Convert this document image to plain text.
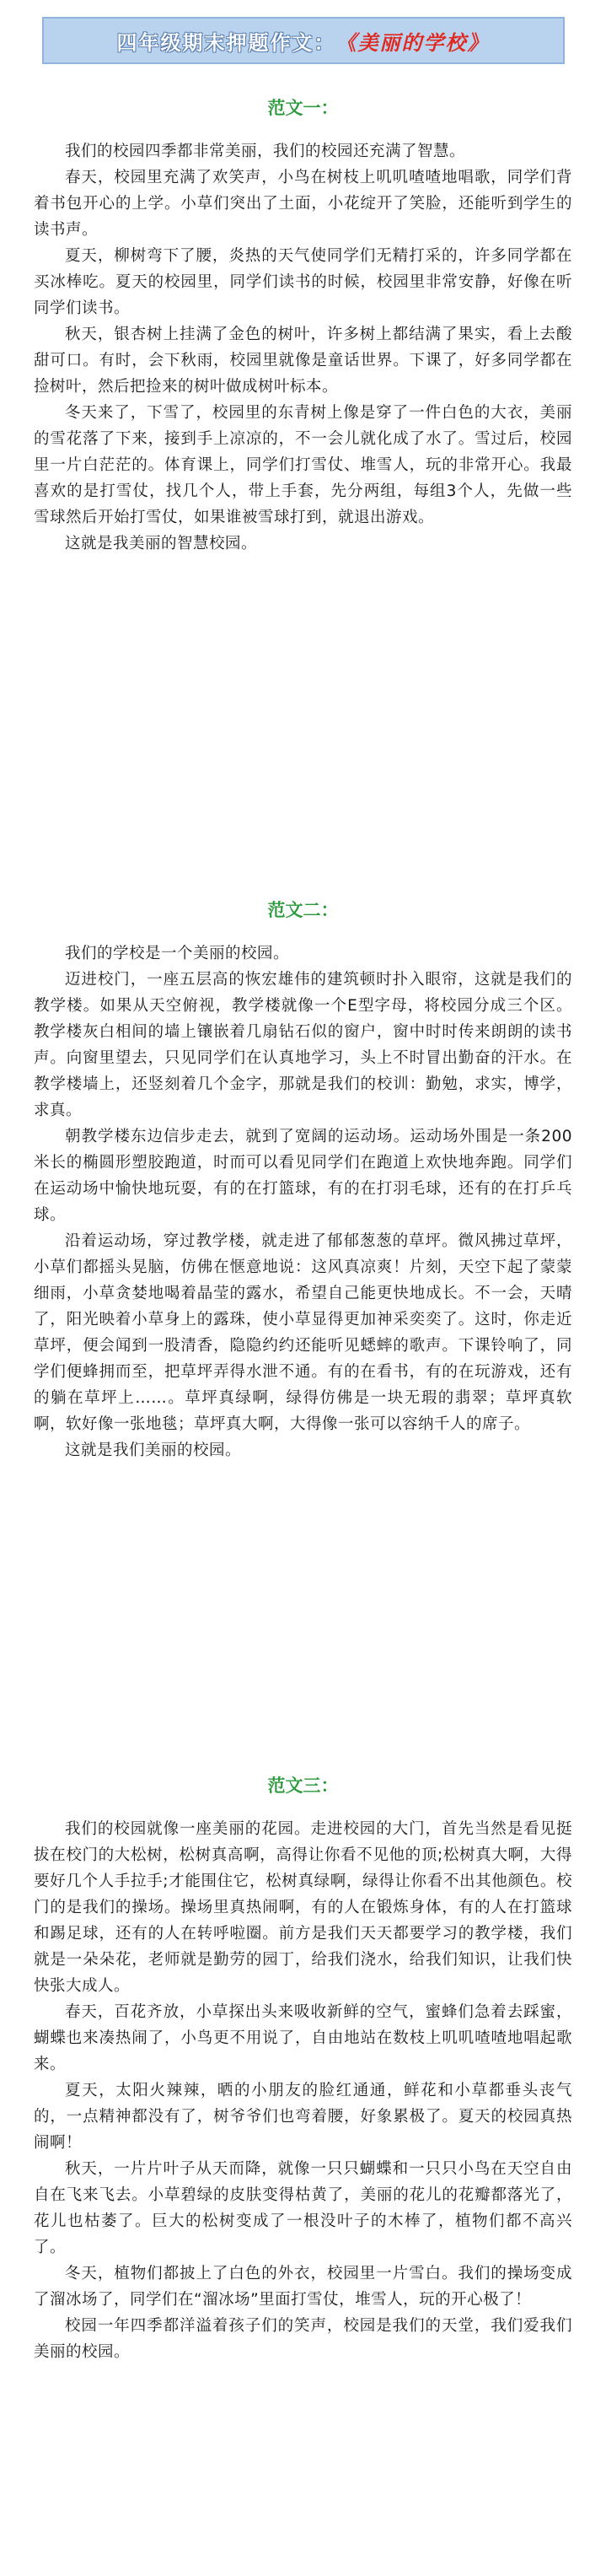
四年级期末押题作文： 《美丽的学校》
范文一：

我们的校园四季都非常美丽，我们的校园还充满了智慧。

春天，校园里充满了欢笑声，小鸟在树枝上叽叽喳喳地唱歌，同学们背着书包开心的上学。小草们突出了土面，小花绽开了笑脸，还能听到学生的读书声。

夏天，柳树弯下了腰，炎热的天气使同学们无精打采的，许多同学都在买冰棒吃。夏天的校园里，同学们读书的时候，校园里非常安静，好像在听同学们读书。

秋天，银杏树上挂满了金色的树叶，许多树上都结满了果实，看上去酸甜可口。有时，会下秋雨，校园里就像是童话世界。下课了，好多同学都在捡树叶，然后把捡来的树叶做成树叶标本。

冬天来了，下雪了，校园里的东青树上像是穿了一件白色的大衣，美丽的雪花落了下来，接到手上凉凉的，不一会儿就化成了水了。雪过后，校园里一片白茫茫的。体育课上，同学们打雪仗、堆雪人，玩的非常开心。我最喜欢的是打雪仗，找几个人，带上手套，先分两组，每组3个人，先做一些雪球然后开始打雪仗，如果谁被雪球打到，就退出游戏。

这就是我美丽的智慧校园。

范文二：

我们的学校是一个美丽的校园。

迈进校门，一座五层高的恢宏雄伟的建筑顿时扑入眼帘，这就是我们的教学楼。如果从天空俯视，教学楼就像一个E型字母，将校园分成三个区。教学楼灰白相间的墙上镶嵌着几扇钻石似的窗户，窗中时时传来朗朗的读书声。向窗里望去，只见同学们在认真地学习，头上不时冒出勤奋的汗水。在教学楼墙上，还竖刻着几个金字，那就是我们的校训：勤勉，求实，博学，求真。

朝教学楼东边信步走去，就到了宽阔的运动场。运动场外围是一条200米长的椭圆形塑胶跑道，时而可以看见同学们在跑道上欢快地奔跑。同学们在运动场中愉快地玩耍，有的在打篮球，有的在打羽毛球，还有的在打乒乓球。

沿着运动场，穿过教学楼，就走进了郁郁葱葱的草坪。微风拂过草坪，小草们都摇头晃脑，仿佛在惬意地说：这风真凉爽！片刻，天空下起了蒙蒙细雨，小草贪婪地喝着晶莹的露水，希望自己能更快地成长。不一会，天晴了，阳光映着小草身上的露珠，使小草显得更加神采奕奕了。这时，你走近草坪，便会闻到一股清香，隐隐约约还能听见蟋蟀的歌声。下课铃响了，同学们便蜂拥而至，把草坪弄得水泄不通。有的在看书，有的在玩游戏，还有的躺在草坪上……。草坪真绿啊，绿得仿佛是一块无瑕的翡翠；草坪真软啊，软好像一张地毯；草坪真大啊，大得像一张可以容纳千人的席子。

这就是我们美丽的校园。

范文三：

我们的校园就像一座美丽的花园。走进校园的大门，首先当然是看见挺拔在校门的大松树，松树真高啊，高得让你看不见他的顶;松树真大啊，大得要好几个人手拉手;才能围住它，松树真绿啊，绿得让你看不出其他颜色。校门的是我们的操场。操场里真热闹啊，有的人在锻炼身体，有的人在打篮球和踢足球，还有的人在转呼啦圈。前方是我们天天都要学习的教学楼，我们就是一朵朵花，老师就是勤劳的园丁，给我们浇水，给我们知识，让我们快快张大成人。

春天，百花齐放，小草探出头来吸收新鲜的空气，蜜蜂们急着去踩蜜，蝴蝶也来凑热闹了，小鸟更不用说了，自由地站在数枝上叽叽喳喳地唱起歌来。

夏天，太阳火辣辣，晒的小朋友的脸红通通，鲜花和小草都垂头丧气的，一点精神都没有了，树爷爷们也弯着腰，好象累极了。夏天的校园真热闹啊！

秋天，一片片叶子从天而降，就像一只只蝴蝶和一只只小鸟在天空自由自在飞来飞去。小草碧绿的皮肤变得枯黄了，美丽的花儿的花瓣都落光了，花儿也枯萎了。巨大的松树变成了一根没叶子的木棒了，植物们都不高兴了。

冬天，植物们都披上了白色的外衣，校园里一片雪白。我们的操场变成了溜冰场了，同学们在“溜冰场”里面打雪仗，堆雪人，玩的开心极了！

校园一年四季都洋溢着孩子们的笑声，校园是我们的天堂，我们爱我们美丽的校园。
